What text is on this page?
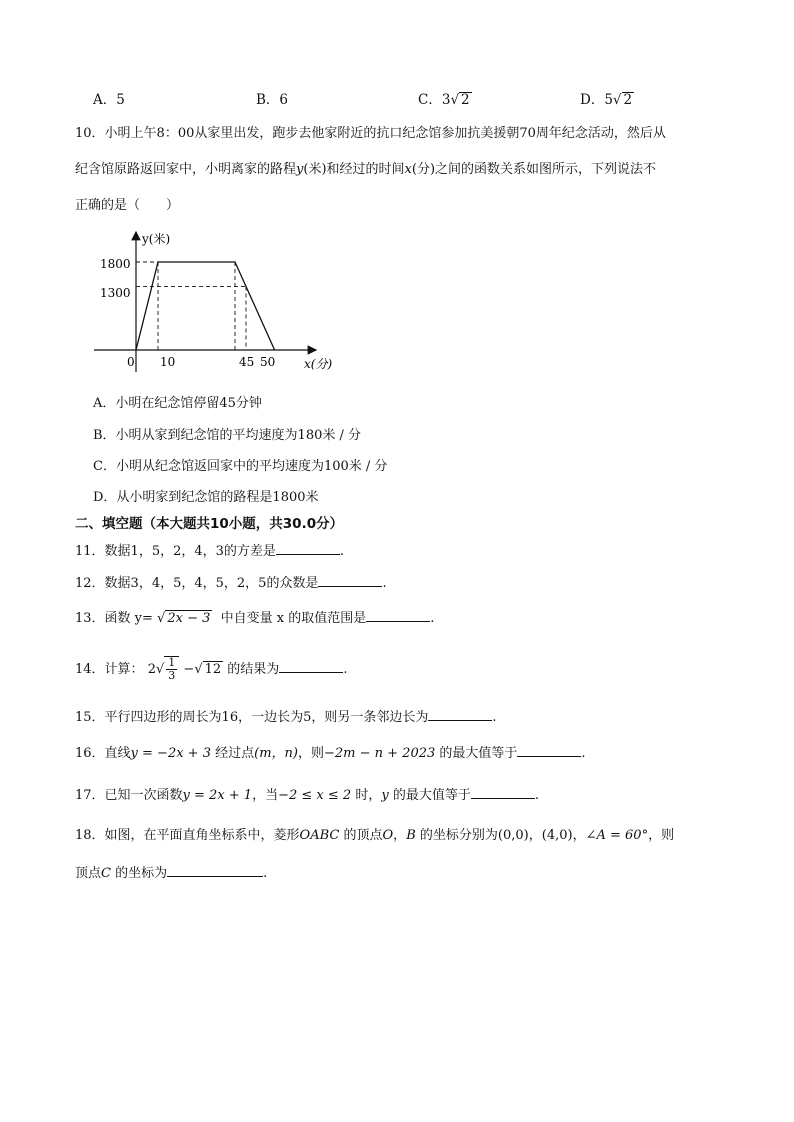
A．5	B．6	C．3√ 2	D．5√ 2
10．小明上午8：00从家里出发，跑步去他家附近的抗口纪念馆参加抗美援朝70周年纪念活动，然后从
纪含馆原路返回家中，小明离家的路程y(米)和经过的时间x(分)之间的函数关系如图所示，下列说法不
正确的是（　　）
y(米)
x(分)
0
1800
1300
10	45 50
A．小明在纪念馆停留45分钟
B．小明从家到纪念馆的平均速度为180米 / 分
C．小明从纪念馆返回家中的平均速度为100米 / 分
D．从小明家到纪念馆的路程是1800米
二、填空题（本大题共10小题，共30.0分）
11．数据1，5，2，4，3的方差是	.
12．数据3，4，5，4，5，2，5的众数是	.
13．函数 y= √ 2x − 3 中自变量 x 的取值范围是	.
14．计算： $2√ \frac{1}{3}$ −√ 12 的结果为	.
15．平行四边形的周长为16，一边长为5，则另一条邻边长为	.
16．直线y = −2x + 3 经过点(m，n)，则−2m − n + 2023 的最大值等于	.
17．已知一次函数y = 2x + 1，当−2 ≤ x ≤ 2 时，y 的最大值等于	.
18．如图，在平面直角坐标系中，菱形OABC 的顶点O，B 的坐标分别为(0,0)，(4,0)，∠A = 60°，则
顶点C 的坐标为	.
